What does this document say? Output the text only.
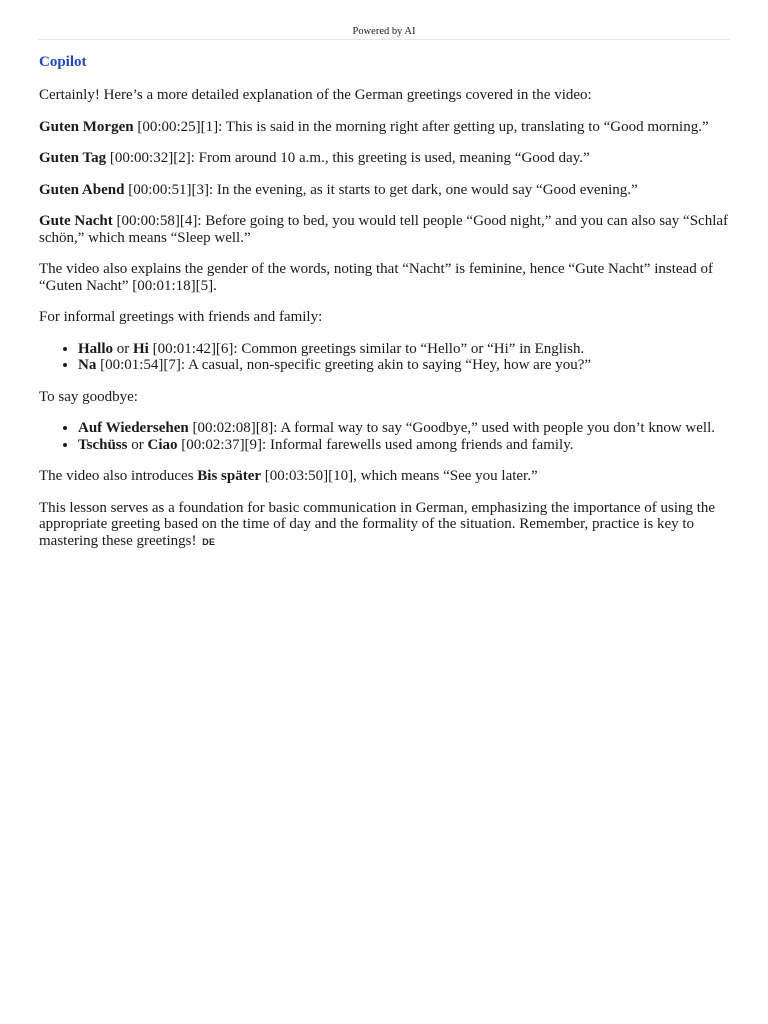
Powered by AI
Copilot

Certainly! Here’s a more detailed explanation of the German greetings covered in the video:

Guten Morgen [00:00:25][1]: This is said in the morning right after getting up, translating to “Good morning.”

Guten Tag [00:00:32][2]: From around 10 a.m., this greeting is used, meaning “Good day.”

Guten Abend [00:00:51][3]: In the evening, as it starts to get dark, one would say “Good evening.”

Gute Nacht [00:00:58][4]: Before going to bed, you would tell people “Good night,” and you can also say “Schlaf schön,” which means “Sleep well.”

The video also explains the gender of the words, noting that “Nacht” is feminine, hence “Gute Nacht” instead of “Guten Nacht” [00:01:18][5].

For informal greetings with friends and family:

• Hallo or Hi [00:01:42][6]: Common greetings similar to “Hello” or “Hi” in English.
• Na [00:01:54][7]: A casual, non-specific greeting akin to saying “Hey, how are you?”

To say goodbye:

• Auf Wiedersehen [00:02:08][8]: A formal way to say “Goodbye,” used with people you don’t know well.
• Tschüss or Ciao [00:02:37][9]: Informal farewells used among friends and family.

The video also introduces Bis später [00:03:50][10], which means “See you later.”

This lesson serves as a foundation for basic communication in German, emphasizing the importance of using the appropriate greeting based on the time of day and the formality of the situation. Remember, practice is key to mastering these greetings! DE
